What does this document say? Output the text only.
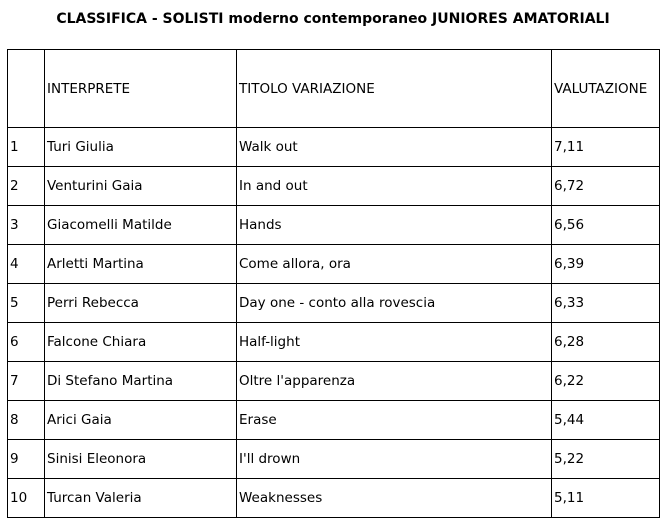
CLASSIFICA - SOLISTI moderno contemporaneo JUNIORES AMATORIALI
	INTERPRETE	TITOLO VARIAZIONE	VALUTAZIONE
1	Turi Giulia	Walk out	7,11
2	Venturini Gaia	In and out	6,72
3	Giacomelli Matilde	Hands	6,56
4	Arletti Martina	Come allora, ora	6,39
5	Perri Rebecca	Day one - conto alla rovescia	6,33
6	Falcone Chiara	Half-light	6,28
7	Di Stefano Martina	Oltre l'apparenza	6,22
8	Arici Gaia	Erase	5,44
9	Sinisi Eleonora	I'll drown	5,22
10	Turcan Valeria	Weaknesses	5,11
